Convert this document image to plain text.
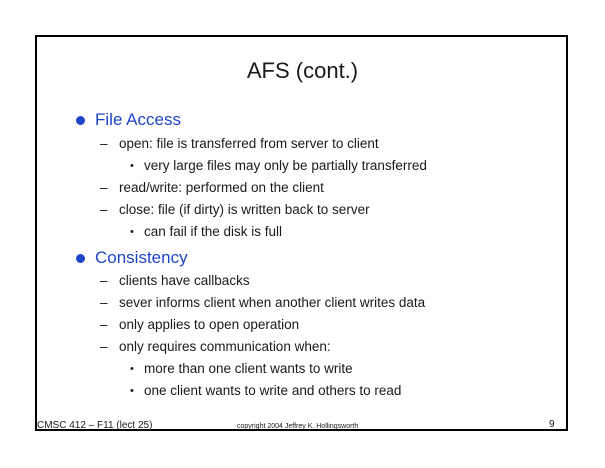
AFS (cont.)
File Access
– open: file is transferred from server to client
• very large files may only be partially transferred
– read/write: performed on the client
– close: file (if dirty) is written back to server
• can fail if the disk is full
Consistency
– clients have callbacks
– sever informs client when another client writes data
– only applies to open operation
– only requires communication when:
• more than one client wants to write
• one client wants to write and others to read
CMSC 412 – F11 (lect 25)	copyright 2004 Jeffrey K. Hollingsworth	9
